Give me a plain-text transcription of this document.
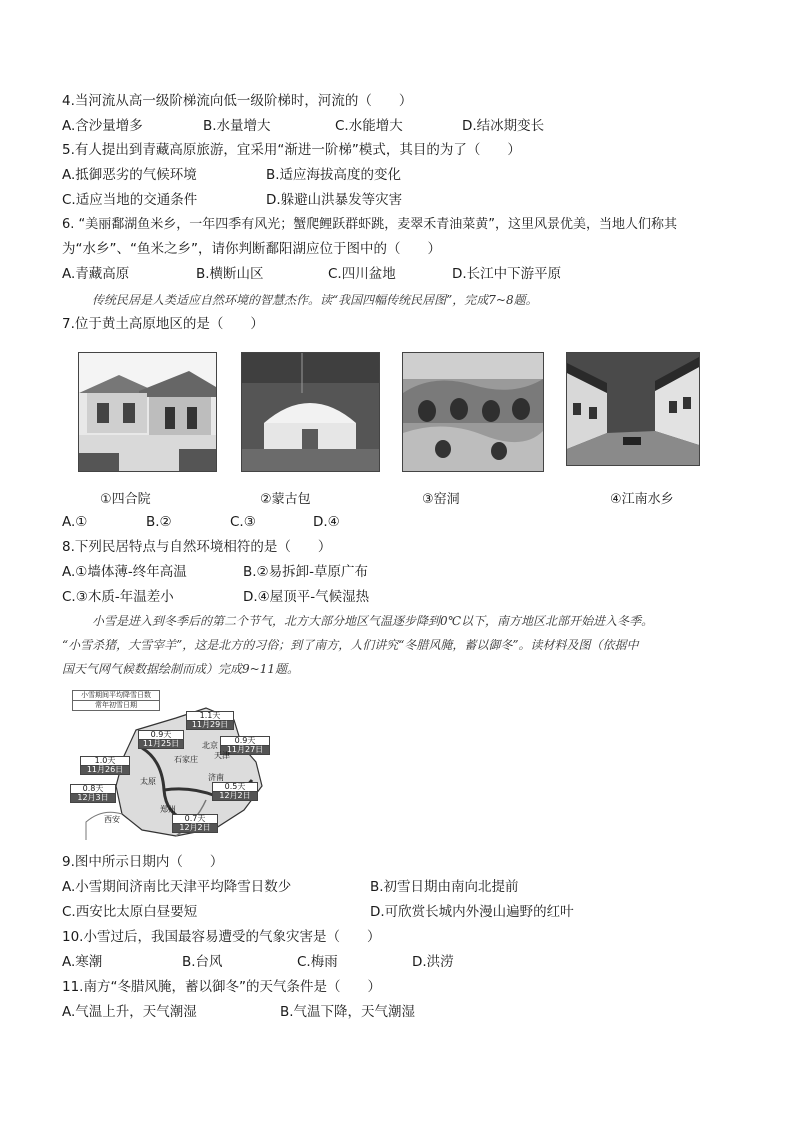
4.当河流从高一级阶梯流向低一级阶梯时，河流的（　　）
A.含沙量增多	B.水量增大	C.水能增大	D.结冰期变长
5.有人提出到青藏高原旅游，宜采用“渐进一阶梯”模式，其目的为了（　　）
A.抵御恶劣的气候环境	B.适应海拔高度的变化
C.适应当地的交通条件	D.躲避山洪暴发等灾害
6. “美丽鄱湖鱼米乡，一年四季有风光；蟹爬鲤跃群虾跳，麦翠禾青油菜黄”，这里风景优美，当地人们称其
为“水乡”、“鱼米之乡”，请你判断鄱阳湖应位于图中的（　　）
A.青藏高原	B.横断山区	C.四川盆地	D.长江中下游平原
传统民居是人类适应自然环境的智慧杰作。读“我国四幅传统民居图”，完成7~8题。
7.位于黄土高原地区的是（　　）
①四合院	②蒙古包	③窑洞	④江南水乡
A.①	B.②	C.③	D.④
8.下列民居特点与自然环境相符的是（　　）
A.①墙体薄-终年高温	B.②易拆卸-草原广布
C.③木质-年温差小	D.④屋顶平-气候湿热
小雪是进入到冬季后的第二个节气，北方大部分地区气温逐步降到0℃以下，南方地区北部开始进入冬季。
“小雪杀猪，大雪宰羊”，这是北方的习俗；到了南方，人们讲究“冬腊风腌，蓄以御冬”。读材料及图（依据中
国天气网气候数据绘制而成）完成9~11题。
小雪期间平均降雪日数
常年初雪日期
1.1天
11月29日
0.9天
11月25日	0.9天
11月27日
1.0天
11月26日
0.8天
12月3日
0.5天
12月2日
0.7天
12月2日
北京
天津
石家庄
太原	济南
郑州
西安
9.图中所示日期内（　　）
A.小雪期间济南比天津平均降雪日数少	B.初雪日期由南向北提前
C.西安比太原白昼要短	D.可欣赏长城内外漫山遍野的红叶
10.小雪过后，我国最容易遭受的气象灾害是（　　）
A.寒潮	B.台风	C.梅雨	D.洪涝
11.南方“冬腊风腌，蓄以御冬”的天气条件是（　　）
A.气温上升，天气潮湿	B.气温下降，天气潮湿
